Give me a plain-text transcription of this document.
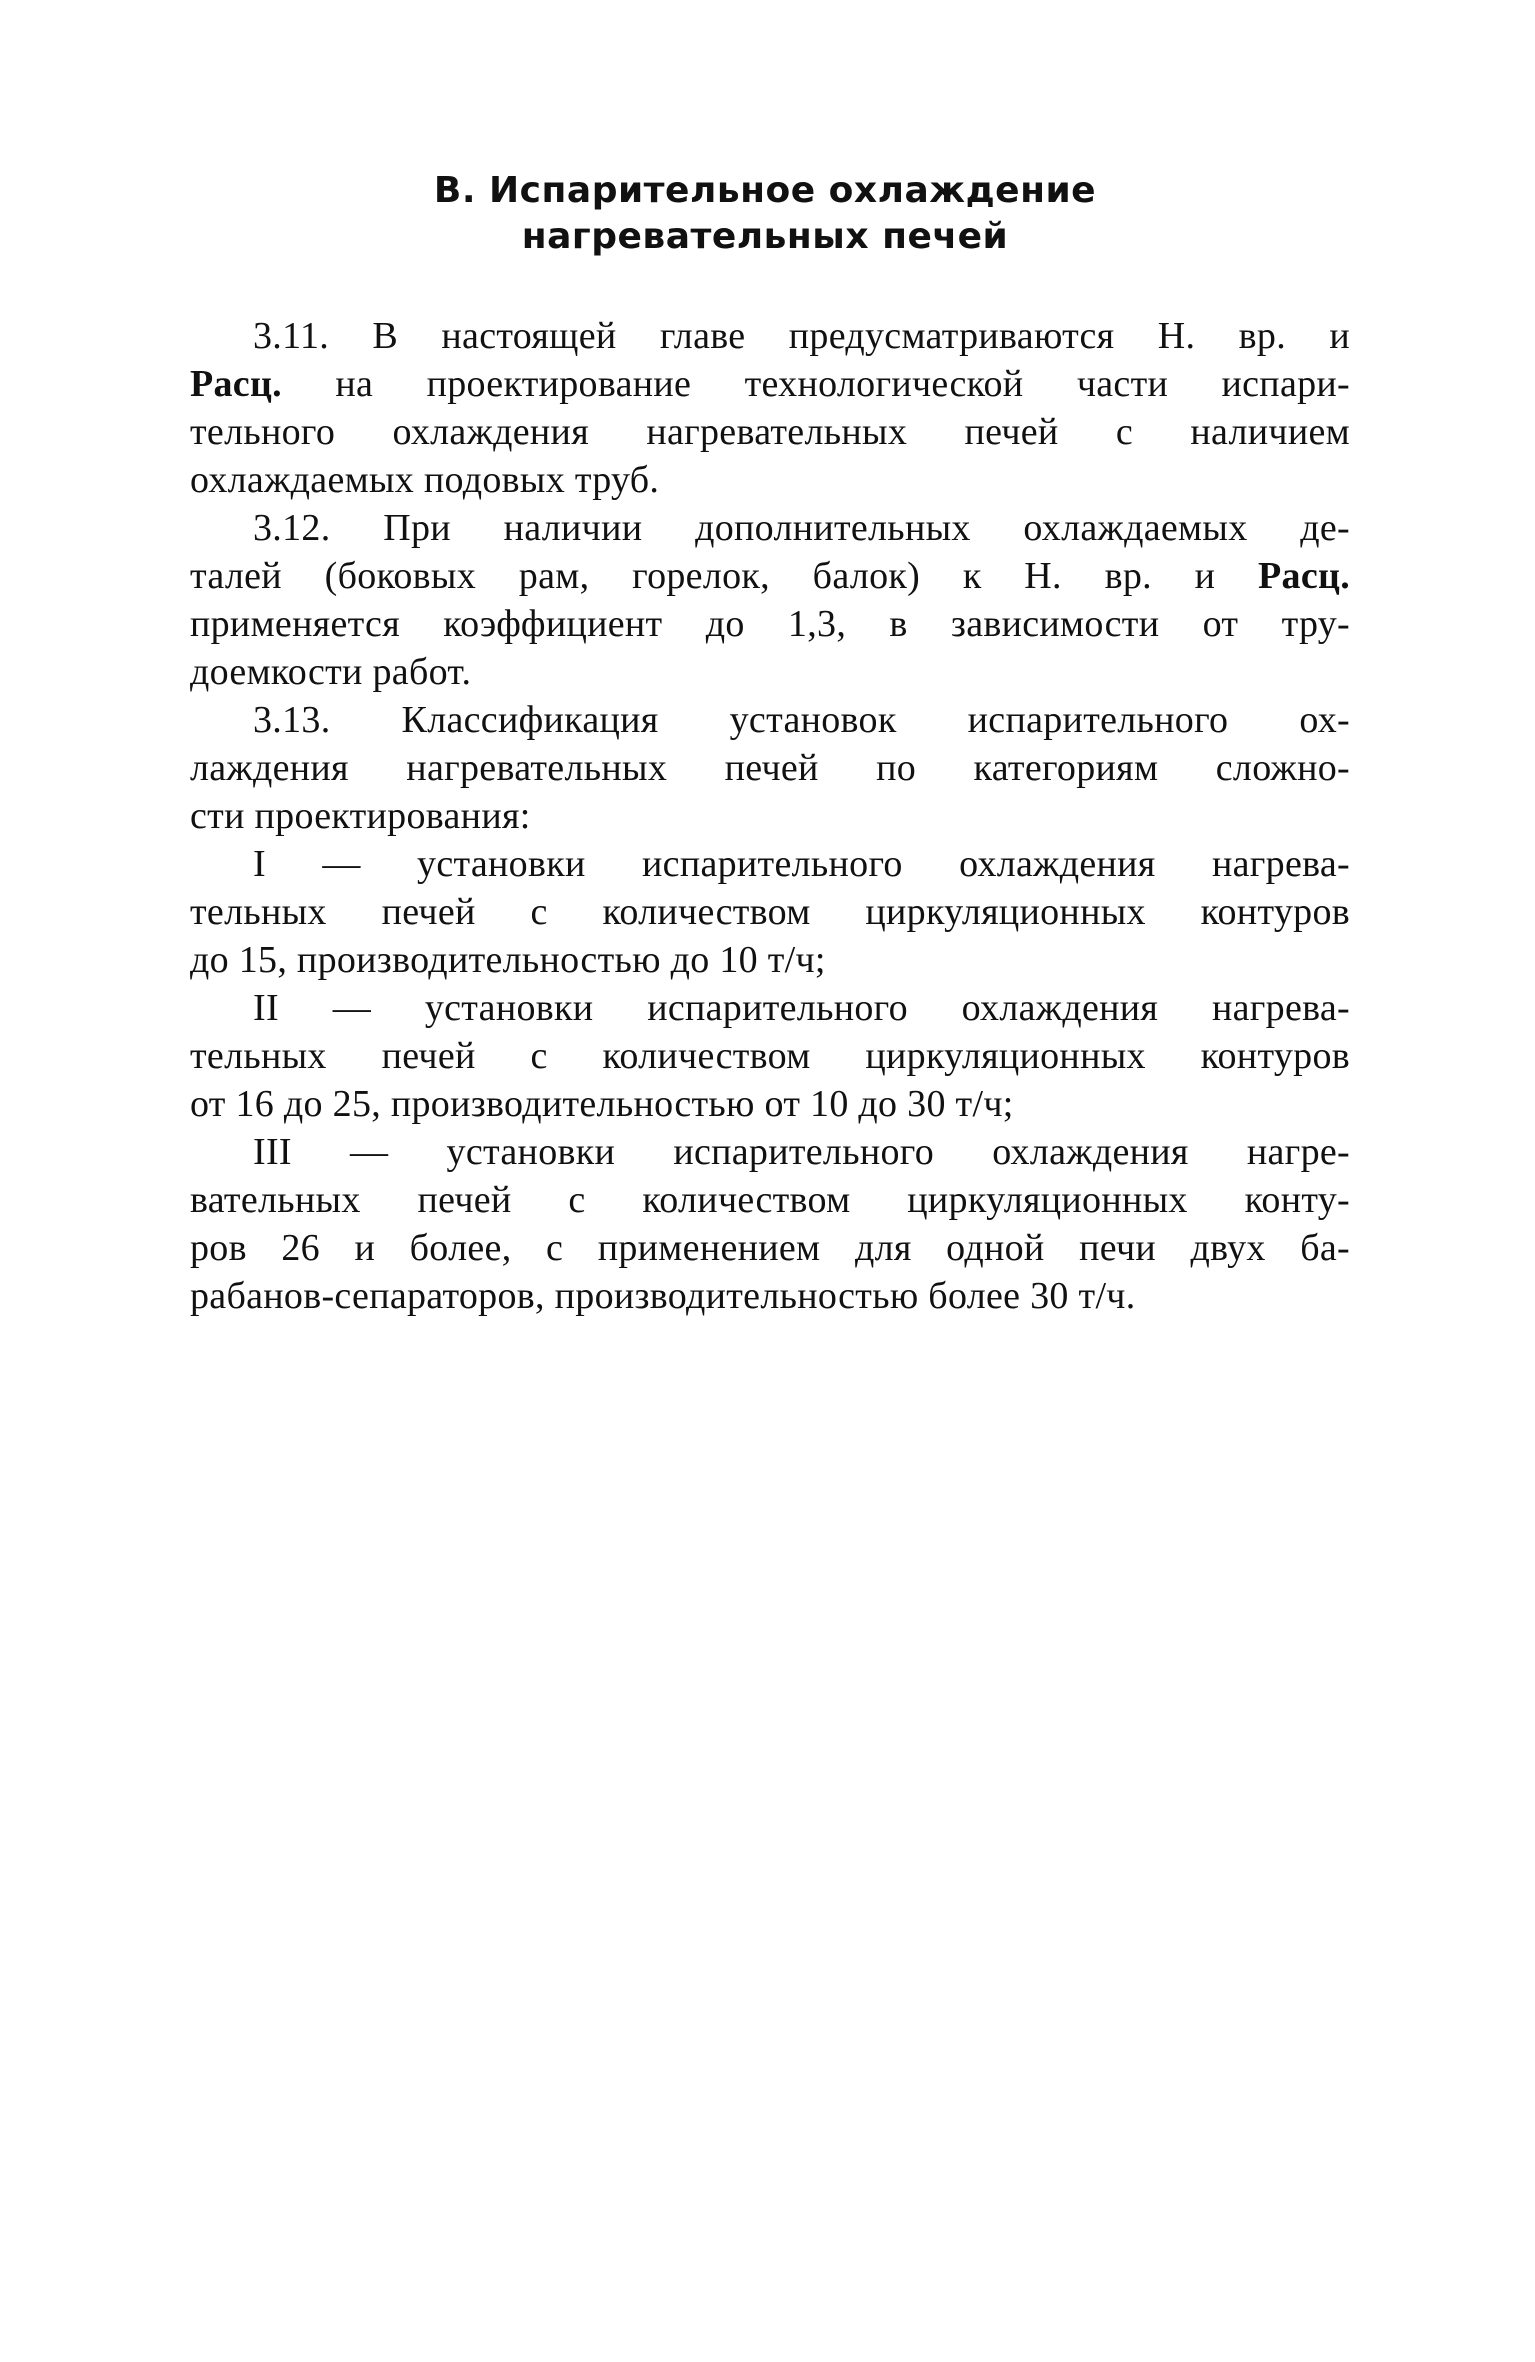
В. Испарительное охлаждение
нагревательных печей
3.11. В настоящей главе предусматриваются Н. вр. и
Расц. на проектирование технологической части испари-
тельного охлаждения нагревательных печей с наличием
охлаждаемых подовых труб.
3.12. При наличии дополнительных охлаждаемых де-
талей (боковых рам, горелок, балок) к Н. вр. и Расц.
применяется коэффициент до 1,3, в зависимости от тру-
доемкости работ.
3.13. Классификация установок испарительного ох-
лаждения нагревательных печей по категориям сложно-
сти проектирования:
I — установки испарительного охлаждения нагрева-
тельных печей с количеством циркуляционных контуров
до 15, производительностью до 10 т/ч;
II — установки испарительного охлаждения нагрева-
тельных печей с количеством циркуляционных контуров
от 16 до 25, производительностью от 10 до 30 т/ч;
III — установки испарительного охлаждения нагре-
вательных печей с количеством циркуляционных конту-
ров 26 и более, с применением для одной печи двух ба-
рабанов-сепараторов, производительностью более 30 т/ч.
